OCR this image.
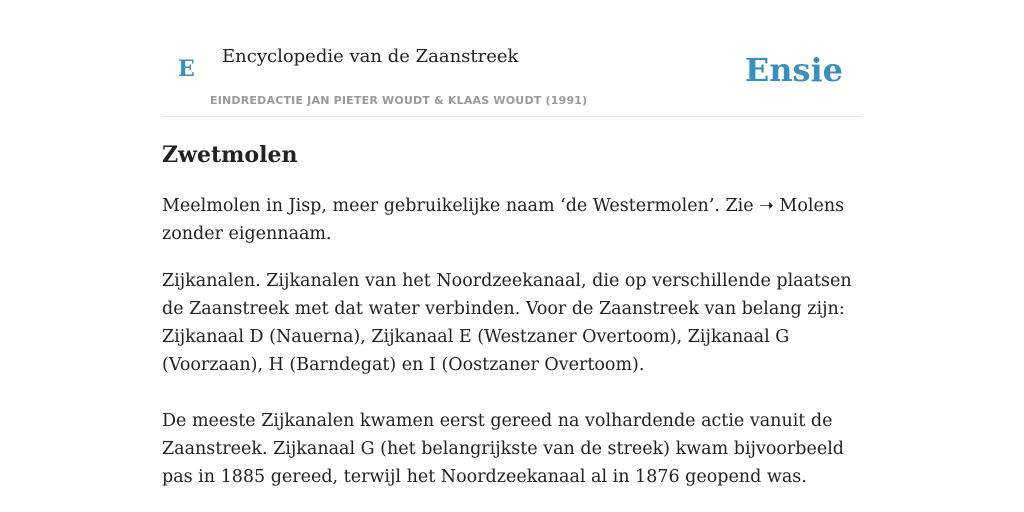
E Encyclopedie van de Zaanstreek
EINDREDACTIE JAN PIETER WOUDT & KLAAS WOUDT (1991)
Ensie
Zwetmolen

Meelmolen in Jisp, meer gebruikelijke naam ‘de Westermolen’. Zie ➝ Molens zonder eigennaam.

Zijkanalen. Zijkanalen van het Noordzeekanaal, die op verschillende plaatsen de Zaanstreek met dat water verbinden. Voor de Zaanstreek van belang zijn: Zijkanaal D (Nauerna), Zijkanaal E (Westzaner Overtoom), Zijkanaal G (Voorzaan), H (Barndegat) en I (Oostzaner Overtoom).

De meeste Zijkanalen kwamen eerst gereed na volhardende actie vanuit de Zaanstreek. Zijkanaal G (het belangrijkste van de streek) kwam bijvoorbeeld pas in 1885 gereed, terwijl het Noordzeekanaal al in 1876 geopend was.
